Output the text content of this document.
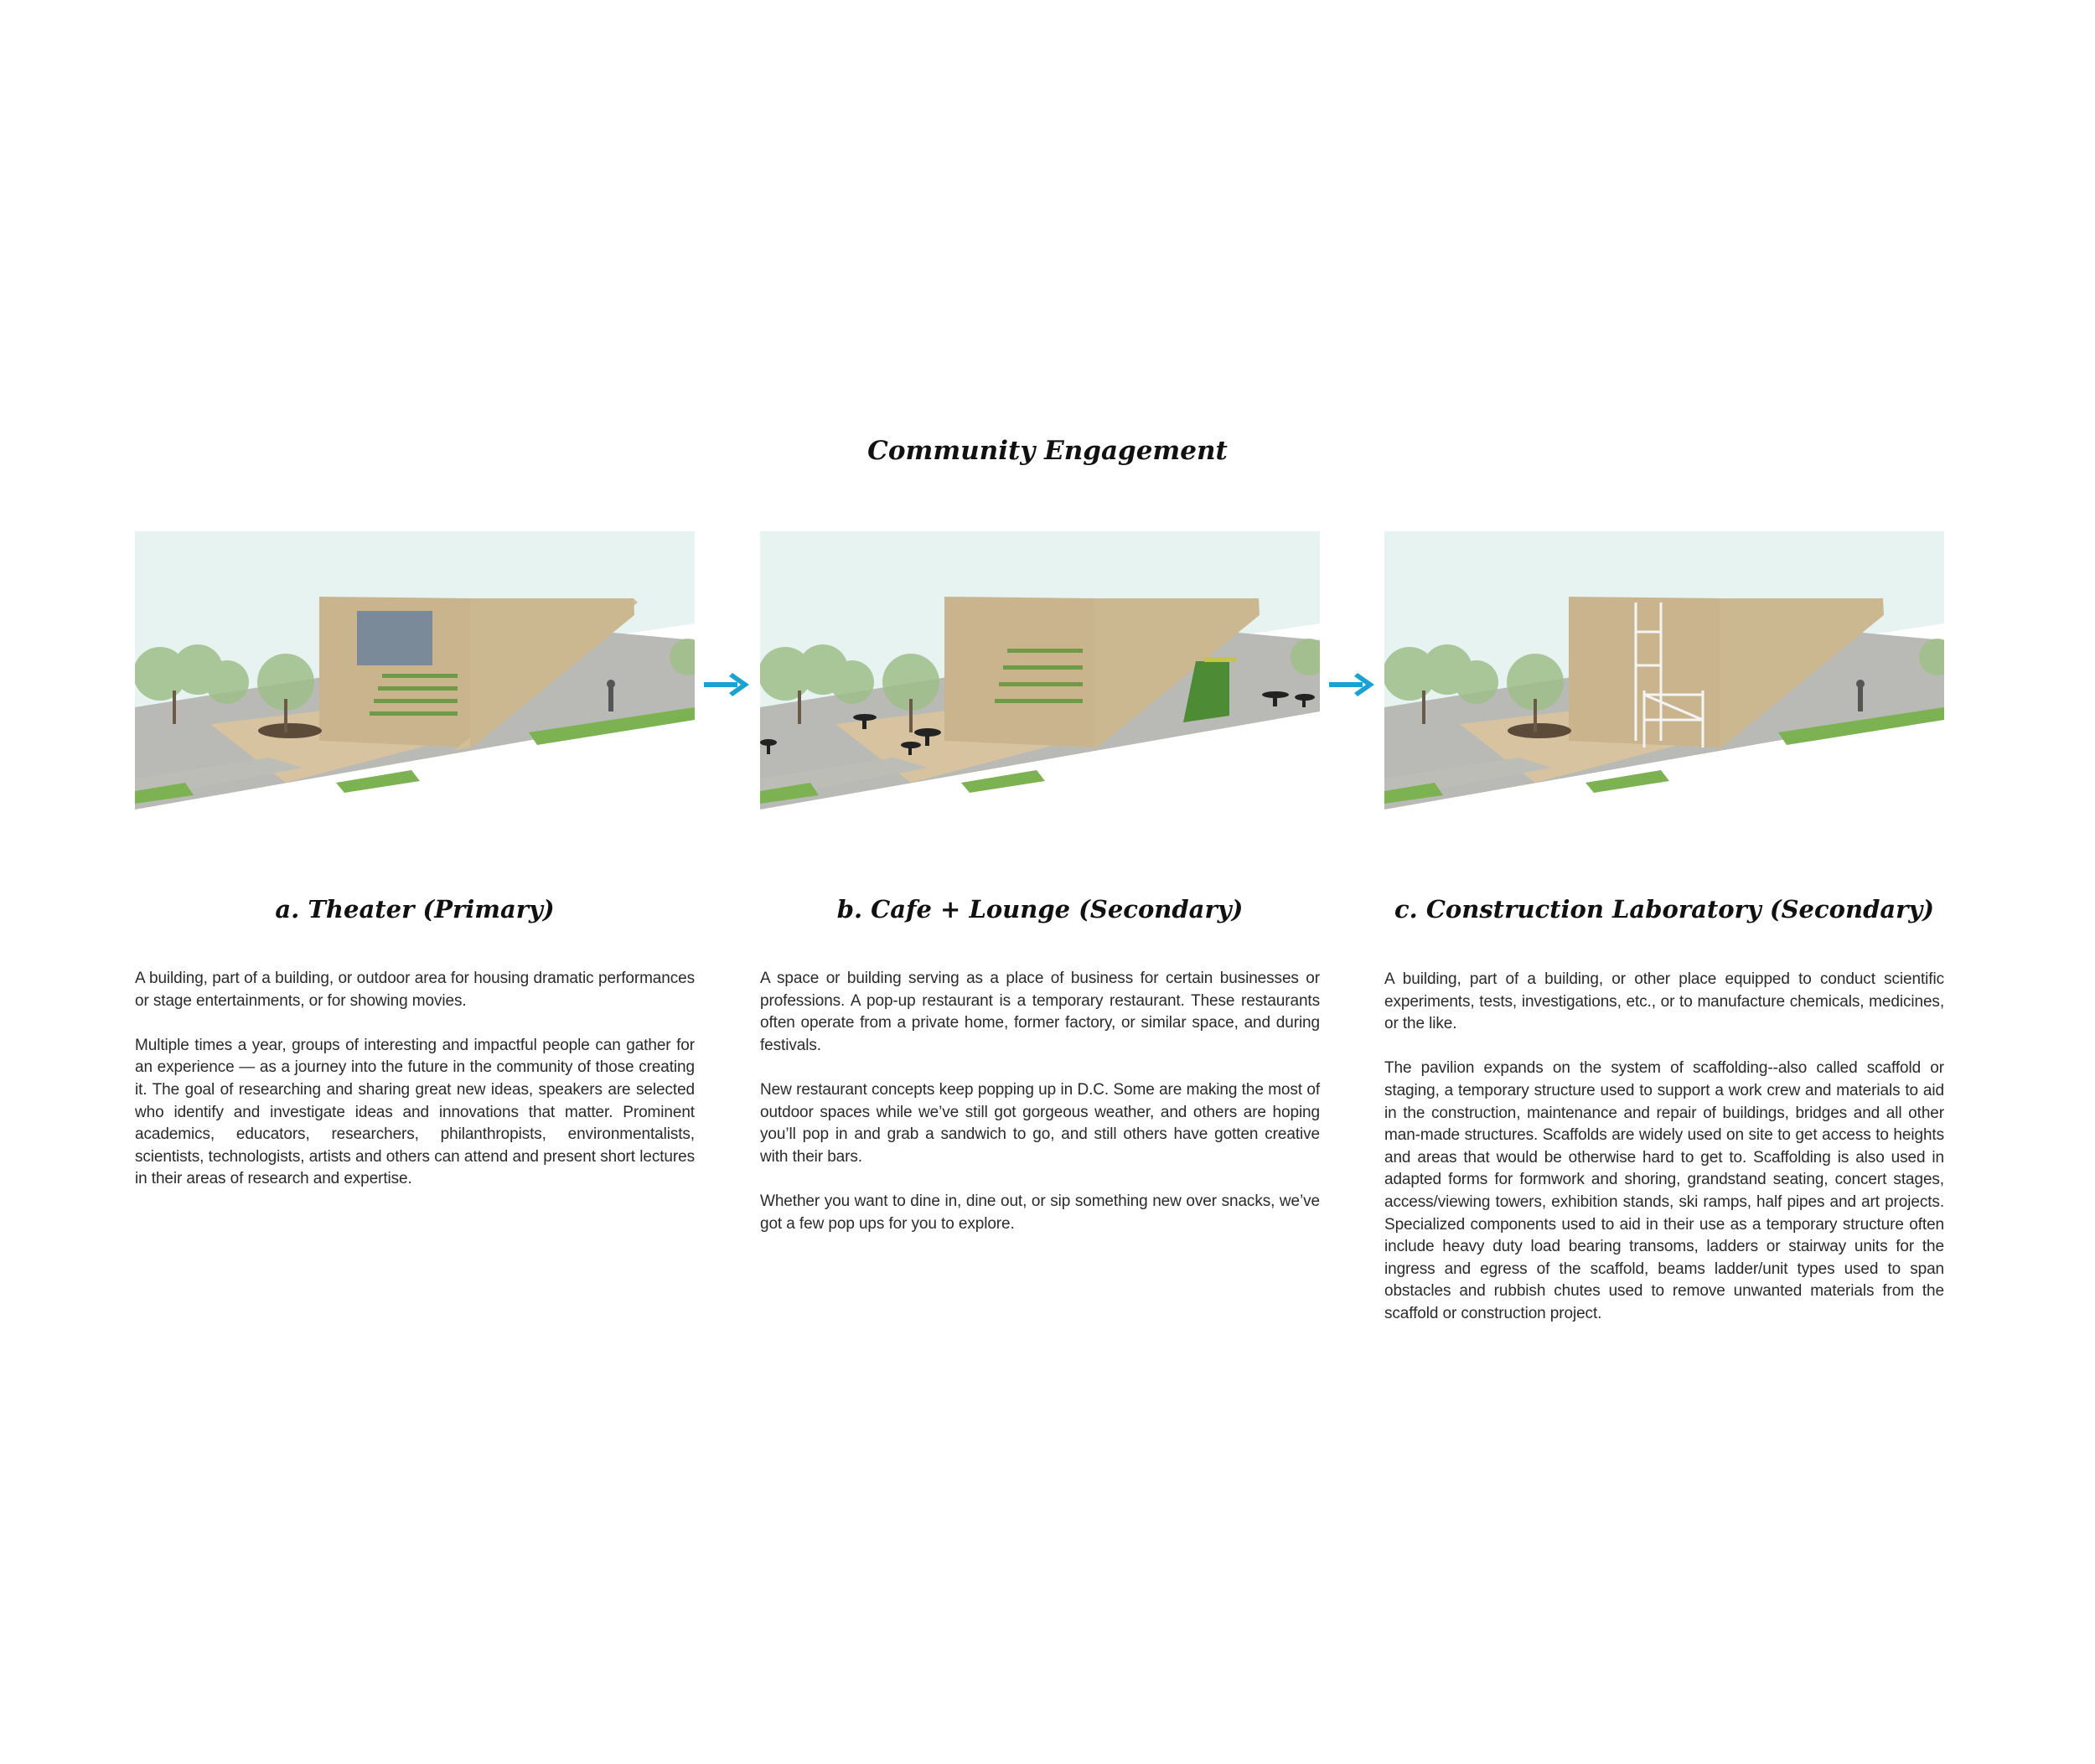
Community Engagement
a. Theater (Primary)	b. Cafe + Lounge (Secondary)	c. Construction Laboratory (Secondary)

A building, part of a building, or outdoor area for housing dramatic performances or stage entertainments, or for showing movies.

Multiple times a year, groups of interesting and impactful people can gather for an experience — as a journey into the future in the community of those creating it. The goal of researching and sharing great new ideas, speakers are selected who identify and investigate ideas and innovations that matter. Prominent academics, educators, researchers, philanthropists, environmentalists, scientists, technologists, artists and others can attend and present short lectures in their areas of research and expertise.

A space or building serving as a place of business for certain businesses or professions. A pop-up restaurant is a temporary restaurant. These restaurants often operate from a private home, former factory, or similar space, and during festivals.

New restaurant concepts keep popping up in D.C. Some are making the most of outdoor spaces while we’ve still got gorgeous weather, and others are hoping you’ll pop in and grab a sandwich to go, and still others have gotten creative with their bars.

Whether you want to dine in, dine out, or sip something new over snacks, we’ve got a few pop ups for you to explore.

A building, part of a building, or other place equipped to conduct scientific experiments, tests, investigations, etc., or to manufacture chemicals, medicines, or the like.

The pavilion expands on the system of scaffolding--also called scaffold or staging, a temporary structure used to support a work crew and materials to aid in the construction, maintenance and repair of buildings, bridges and all other man-made structures. Scaffolds are widely used on site to get access to heights and areas that would be otherwise hard to get to. Scaffolding is also used in adapted forms for formwork and shoring, grandstand seating, concert stages, access/viewing towers, exhibition stands, ski ramps, half pipes and art projects. Specialized components used to aid in their use as a temporary structure often include heavy duty load bearing transoms, ladders or stairway units for the ingress and egress of the scaffold, beams ladder/unit types used to span obstacles and rubbish chutes used to remove unwanted materials from the scaffold or construction project.
